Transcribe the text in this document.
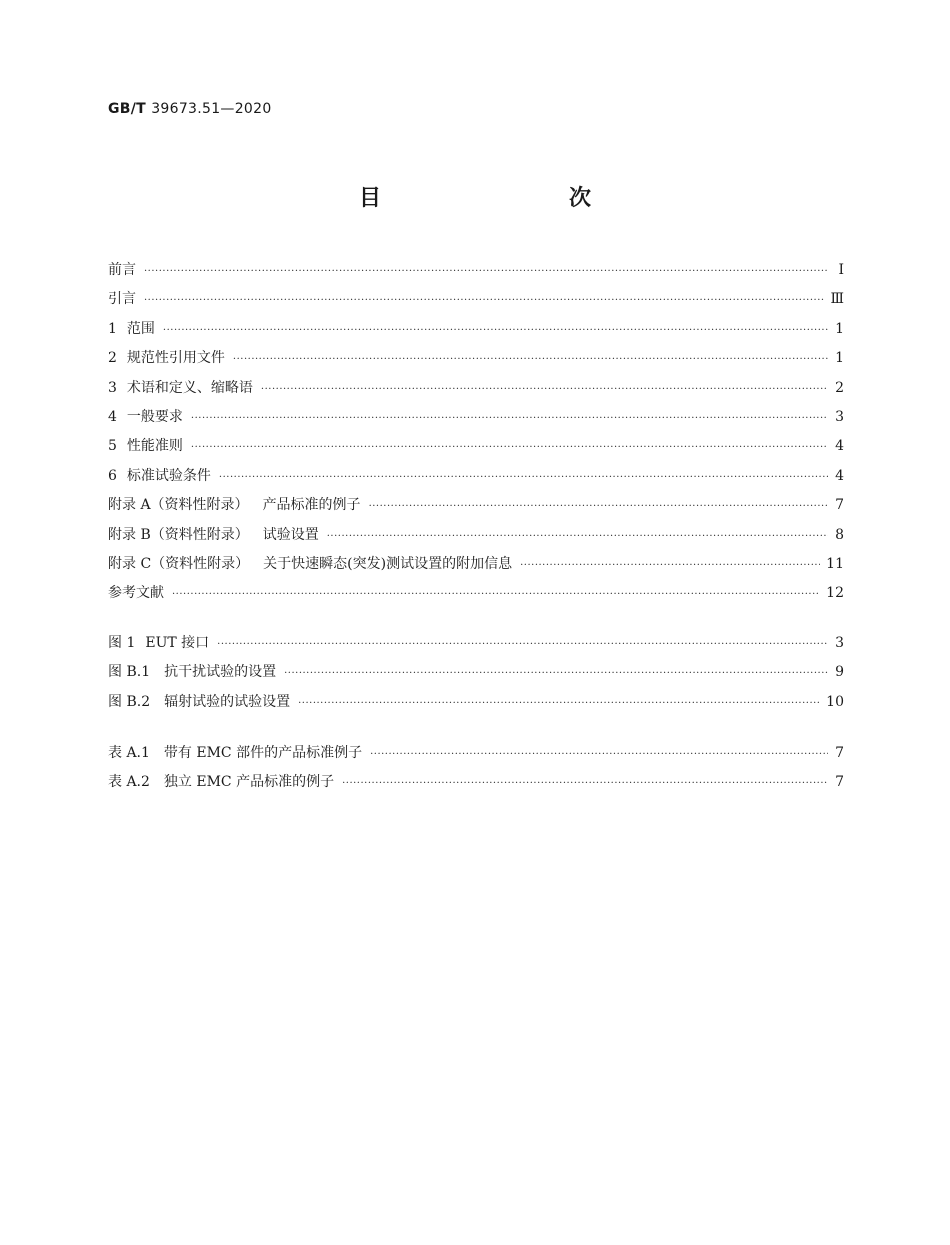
GB/T 39673.51—2020
目　　次
前言 ·····	Ⅰ
引言 ·····	Ⅲ
1 范围 ·····	1
2 规范性引用文件 ·····	1
3 术语和定义、缩略语 ·····	2
4 一般要求 ·····	3
5 性能准则 ·····	4
6 标准试验条件 ·····	4
附录 A（资料性附录） 产品标准的例子 ·····	7
附录 B（资料性附录） 试验设置 ·····	8
附录 C（资料性附录） 关于快速瞬态(突发)测试设置的附加信息 ·····	11
参考文献 ·····	12
图 1 EUT 接口 ·····	3
图 B.1 抗干扰试验的设置 ·····	9
图 B.2 辐射试验的试验设置 ·····	10
表 A.1 带有 EMC 部件的产品标准例子 ·····	7
表 A.2 独立 EMC 产品标准的例子 ·····	7
